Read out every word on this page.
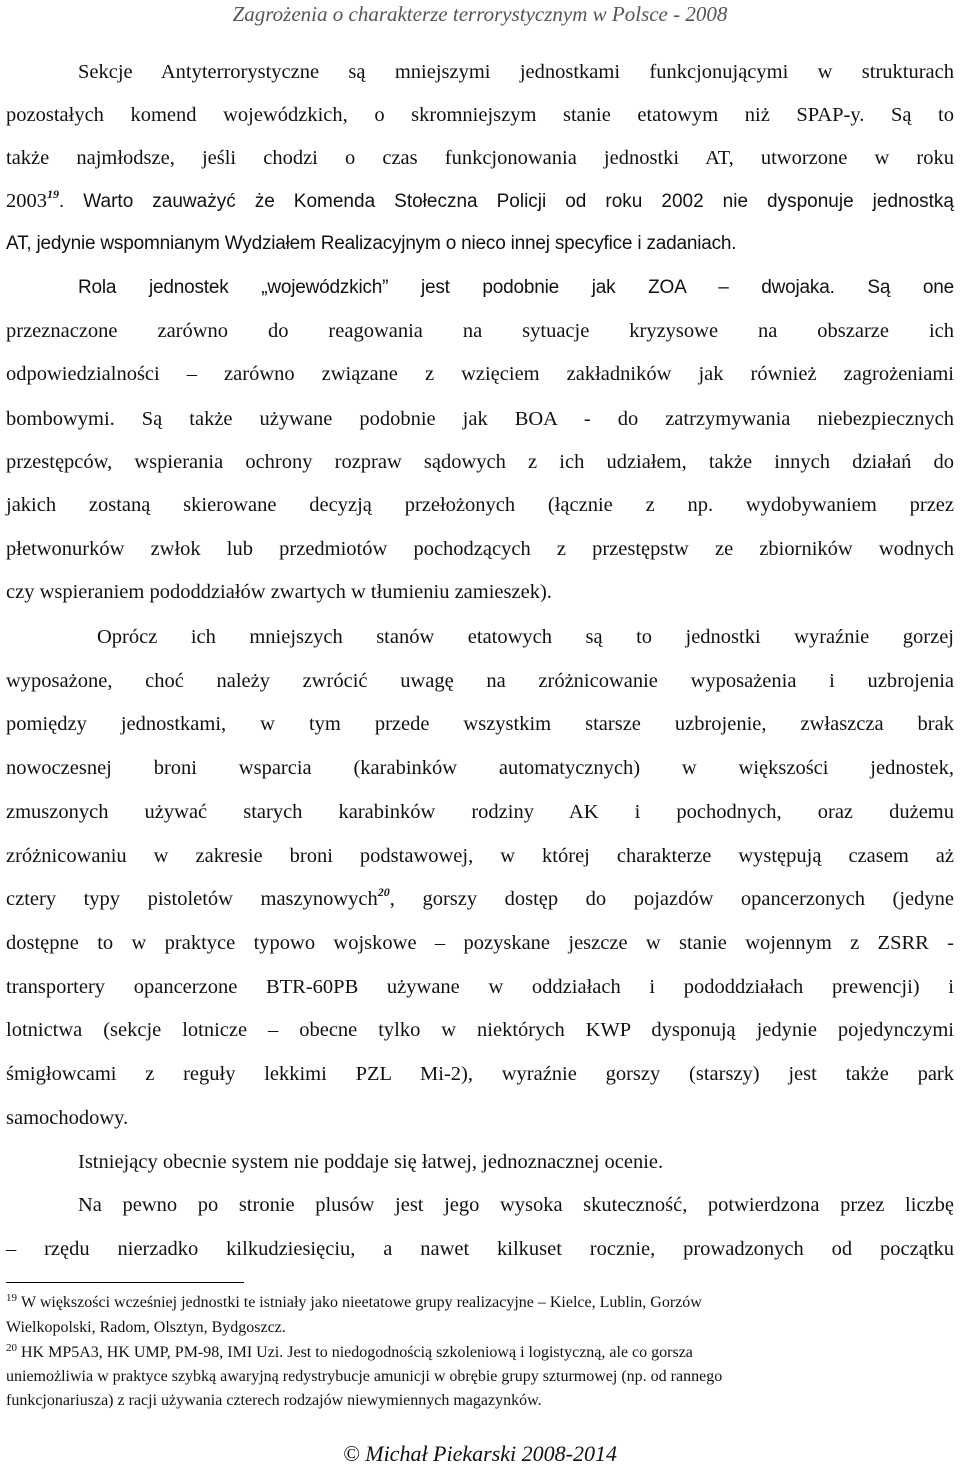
Zagrożenia o charakterze terrorystycznym w Polsce - 2008
Sekcje Antyterrorystyczne są mniejszymi jednostkami funkcjonującymi w strukturach
pozostałych komend wojewódzkich, o skromniejszym stanie etatowym niż SPAP-y. Są to
także najmłodsze, jeśli chodzi o czas funkcjonowania jednostki AT, utworzone w roku
2003$^{19}$. Warto zauważyć że Komenda Stołeczna Policji od roku 2002 nie dysponuje jednostką
AT, jedynie wspomnianym Wydziałem Realizacyjnym o nieco innej specyfice i zadaniach.
Rola jednostek „wojewódzkich” jest podobnie jak ZOA – dwojaka. Są one
przeznaczone zarówno do reagowania na sytuacje kryzysowe na obszarze ich
odpowiedzialności – zarówno związane z wzięciem zakładników jak również zagrożeniami
bombowymi. Są także używane podobnie jak BOA - do zatrzymywania niebezpiecznych
przestępców, wspierania ochrony rozpraw sądowych z ich udziałem, także innych działań do
jakich zostaną skierowane decyzją przełożonych (łącznie z np. wydobywaniem przez
płetwonurków zwłok lub przedmiotów pochodzących z przestępstw ze zbiorników wodnych
czy wspieraniem pododdziałów zwartych w tłumieniu zamieszek).
Oprócz ich mniejszych stanów etatowych są to jednostki wyraźnie gorzej
wyposażone, choć należy zwrócić uwagę na zróżnicowanie wyposażenia i uzbrojenia
pomiędzy jednostkami, w tym przede wszystkim starsze uzbrojenie, zwłaszcza brak
nowoczesnej broni wsparcia (karabinków automatycznych) w większości jednostek,
zmuszonych używać starych karabinków rodziny AK i pochodnych, oraz dużemu
zróżnicowaniu w zakresie broni podstawowej, w której charakterze występują czasem aż
cztery typy pistoletów maszynowych$^{20}$, gorszy dostęp do pojazdów opancerzonych (jedyne
dostępne to w praktyce typowo wojskowe – pozyskane jeszcze w stanie wojennym z ZSRR -
transportery opancerzone BTR-60PB używane w oddziałach i pododdziałach prewencji) i
lotnictwa (sekcje lotnicze – obecne tylko w niektórych KWP dysponują jedynie pojedynczymi
śmigłowcami z reguły lekkimi PZL Mi-2), wyraźnie gorszy (starszy) jest także park
samochodowy.
Istniejący obecnie system nie poddaje się łatwej, jednoznacznej ocenie.
Na pewno po stronie plusów jest jego wysoka skuteczność, potwierdzona przez liczbę
– rzędu nierzadko kilkudziesięciu, a nawet kilkuset rocznie, prowadzonych od początku
$^{19}$ W większości wcześniej jednostki te istniały jako nieetatowe grupy realizacyjne – Kielce, Lublin, Gorzów
Wielkopolski, Radom, Olsztyn, Bydgoszcz.
$^{20}$ HK MP5A3, HK UMP, PM-98, IMI Uzi. Jest to niedogodnością szkoleniową i logistyczną, ale co gorsza
uniemożliwia w praktyce szybką awaryjną redystrybucje amunicji w obrębie grupy szturmowej (np. od rannego
funkcjonariusza) z racji używania czterech rodzajów niewymiennych magazynków.
© Michał Piekarski 2008-2014
